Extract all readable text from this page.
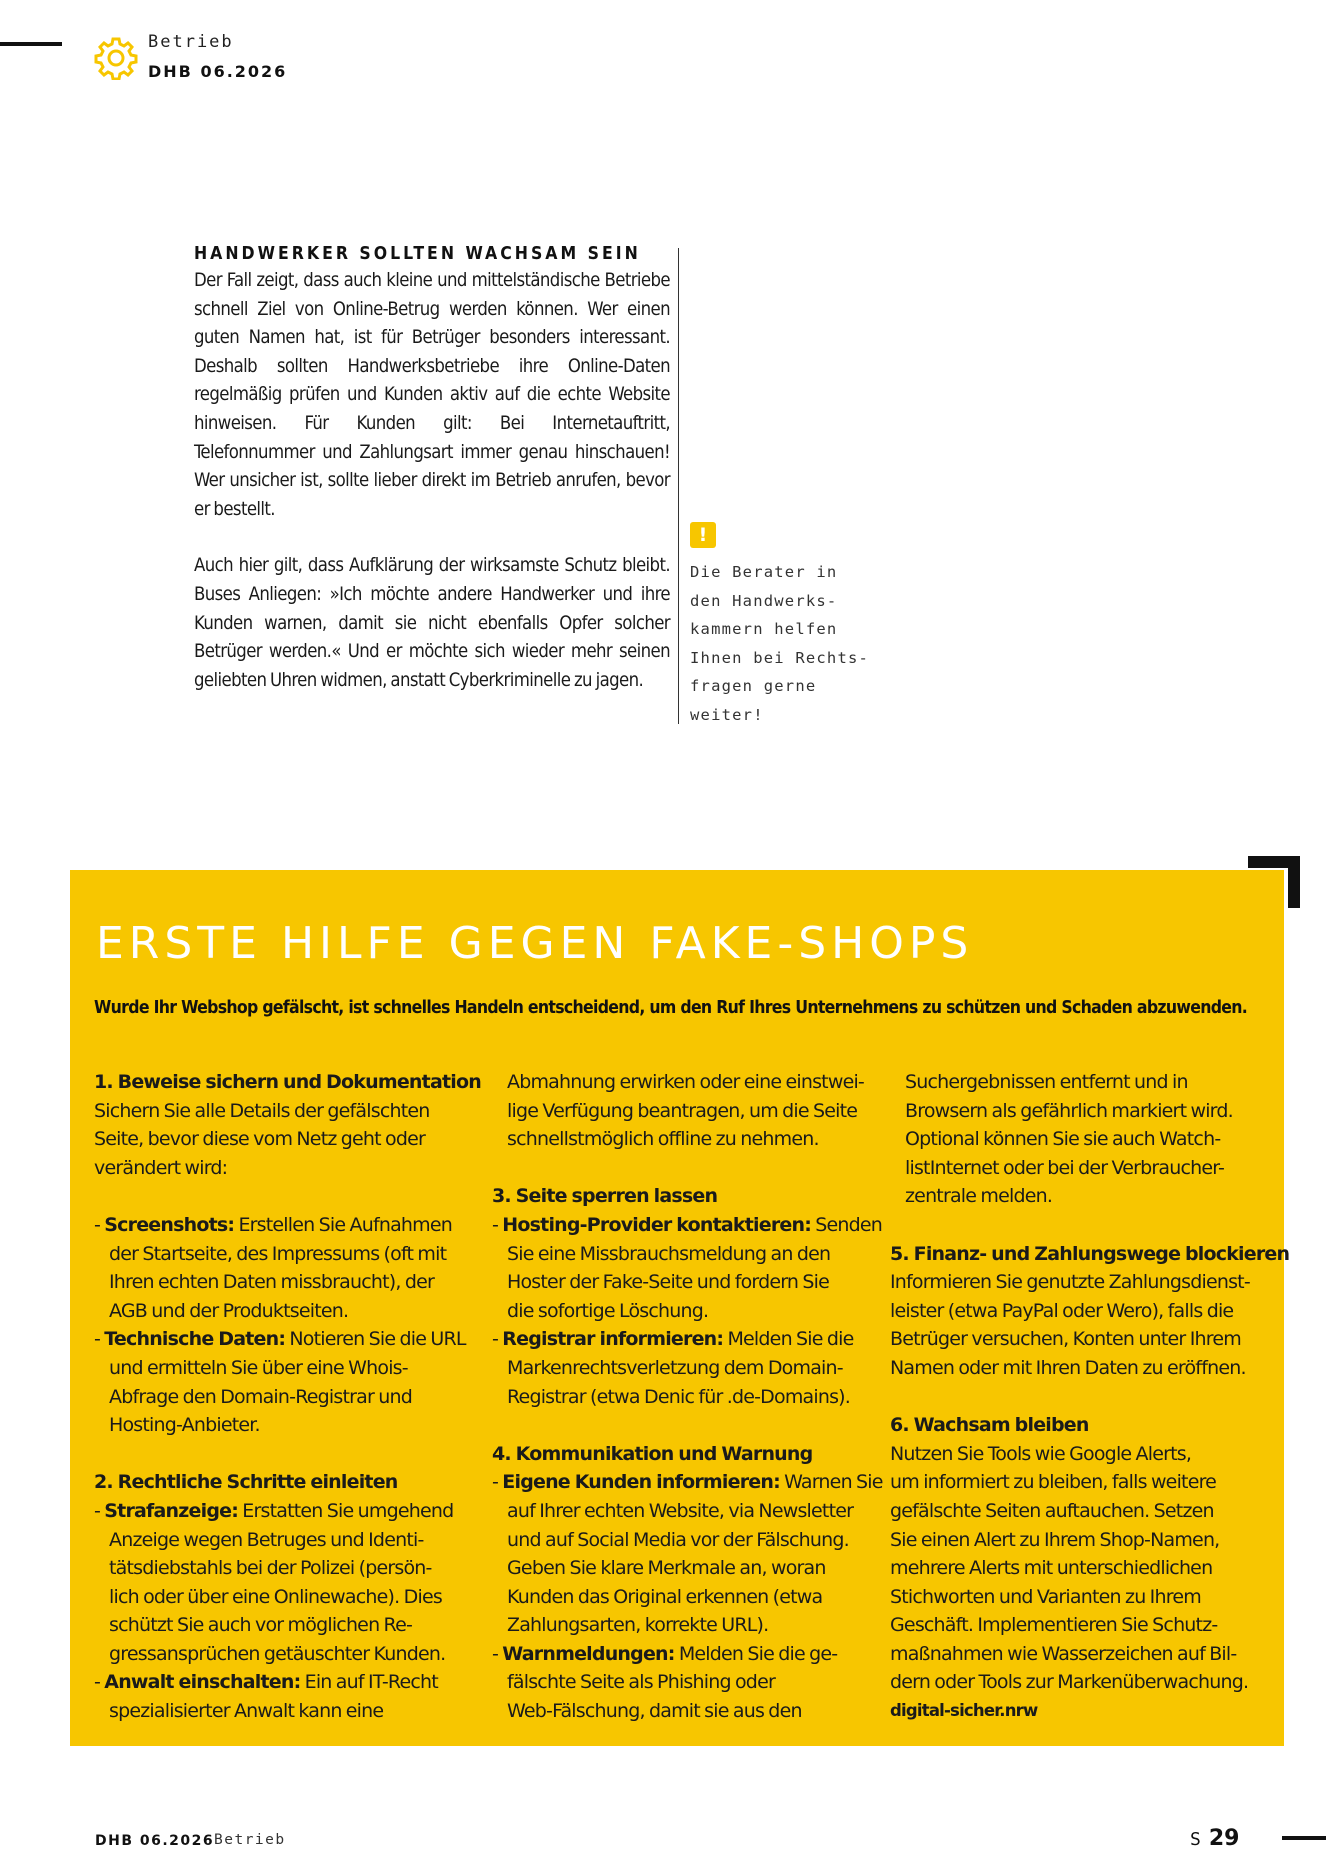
Betrieb
DHB 06.2026
HANDWERKER SOLLTEN WACHSAM SEIN

Der Fall zeigt, dass auch kleine und mittelständische Betriebe schnell Ziel von Online-Betrug werden können. Wer einen guten Namen hat, ist für Betrüger besonders interessant. Deshalb sollten Handwerksbetriebe ihre Online-Daten regelmäßig prüfen und Kunden aktiv auf die echte Website hinweisen. Für Kunden gilt: Bei Internetauftritt, Telefonnummer und Zahlungsart immer genau hinschauen! Wer unsicher ist, sollte lieber direkt im Betrieb anrufen, bevor er bestellt.

Auch hier gilt, dass Aufklärung der wirksamste Schutz bleibt. Buses Anliegen: »Ich möchte andere Handwerker und ihre Kunden warnen, damit sie nicht ebenfalls Opfer solcher Betrüger werden.« Und er möchte sich wieder mehr seinen geliebten Uhren widmen, anstatt Cyberkriminelle zu jagen.

!
Die Berater in
den Handwerks-
kammern helfen
Ihnen bei Rechts-
fragen gerne
weiter!
ERSTE HILFE GEGEN FAKE-SHOPS
Wurde Ihr Webshop gefälscht, ist schnelles Handeln entscheidend, um den Ruf Ihres Unternehmens zu schützen und Schaden abzuwenden.
1. Beweise sichern und Dokumentation
Sichern Sie alle Details der gefälschten
Seite, bevor diese vom Netz geht oder
verändert wird:
- Screenshots: Erstellen Sie Aufnahmen
der Startseite, des Impressums (oft mit
Ihren echten Daten missbraucht), der
AGB und der Produktseiten.
- Technische Daten: Notieren Sie die URL
und ermitteln Sie über eine Whois-
Abfrage den Domain-Registrar und
Hosting-Anbieter.
2. Rechtliche Schritte einleiten
- Strafanzeige: Erstatten Sie umgehend
Anzeige wegen Betruges und Identi-
tätsdiebstahls bei der Polizei (persön-
lich oder über eine Onlinewache). Dies
schützt Sie auch vor möglichen Re-
gressansprüchen getäuschter Kunden.
- Anwalt einschalten: Ein auf IT-Recht
spezialisierter Anwalt kann eine
Abmahnung erwirken oder eine einstwei-
lige Verfügung beantragen, um die Seite
schnellstmöglich offline zu nehmen.
3. Seite sperren lassen
- Hosting-Provider kontaktieren: Senden
Sie eine Missbrauchsmeldung an den
Hoster der Fake-Seite und fordern Sie
die sofortige Löschung.
- Registrar informieren: Melden Sie die
Markenrechtsverletzung dem Domain-
Registrar (etwa Denic für .de-Domains).
4. Kommunikation und Warnung
- Eigene Kunden informieren: Warnen Sie
auf Ihrer echten Website, via Newsletter
und auf Social Media vor der Fälschung.
Geben Sie klare Merkmale an, woran
Kunden das Original erkennen (etwa
Zahlungsarten, korrekte URL).
- Warnmeldungen: Melden Sie die ge-
fälschte Seite als Phishing oder
Web-Fälschung, damit sie aus den
Suchergebnissen entfernt und in
Browsern als gefährlich markiert wird.
Optional können Sie sie auch Watch-
listInternet oder bei der Verbraucher-
zentrale melden.
5. Finanz- und Zahlungswege blockieren
Informieren Sie genutzte Zahlungsdienst-
leister (etwa PayPal oder Wero), falls die
Betrüger versuchen, Konten unter Ihrem
Namen oder mit Ihren Daten zu eröffnen.
6. Wachsam bleiben
Nutzen Sie Tools wie Google Alerts,
um informiert zu bleiben, falls weitere
gefälschte Seiten auftauchen. Setzen
Sie einen Alert zu Ihrem Shop-Namen,
mehrere Alerts mit unterschiedlichen
Stichworten und Varianten zu Ihrem
Geschäft. Implementieren Sie Schutz-
maßnahmen wie Wasserzeichen auf Bil-
dern oder Tools zur Markenüberwachung.
digital-sicher.nrw
DHB 06.2026 Betrieb	S 29
